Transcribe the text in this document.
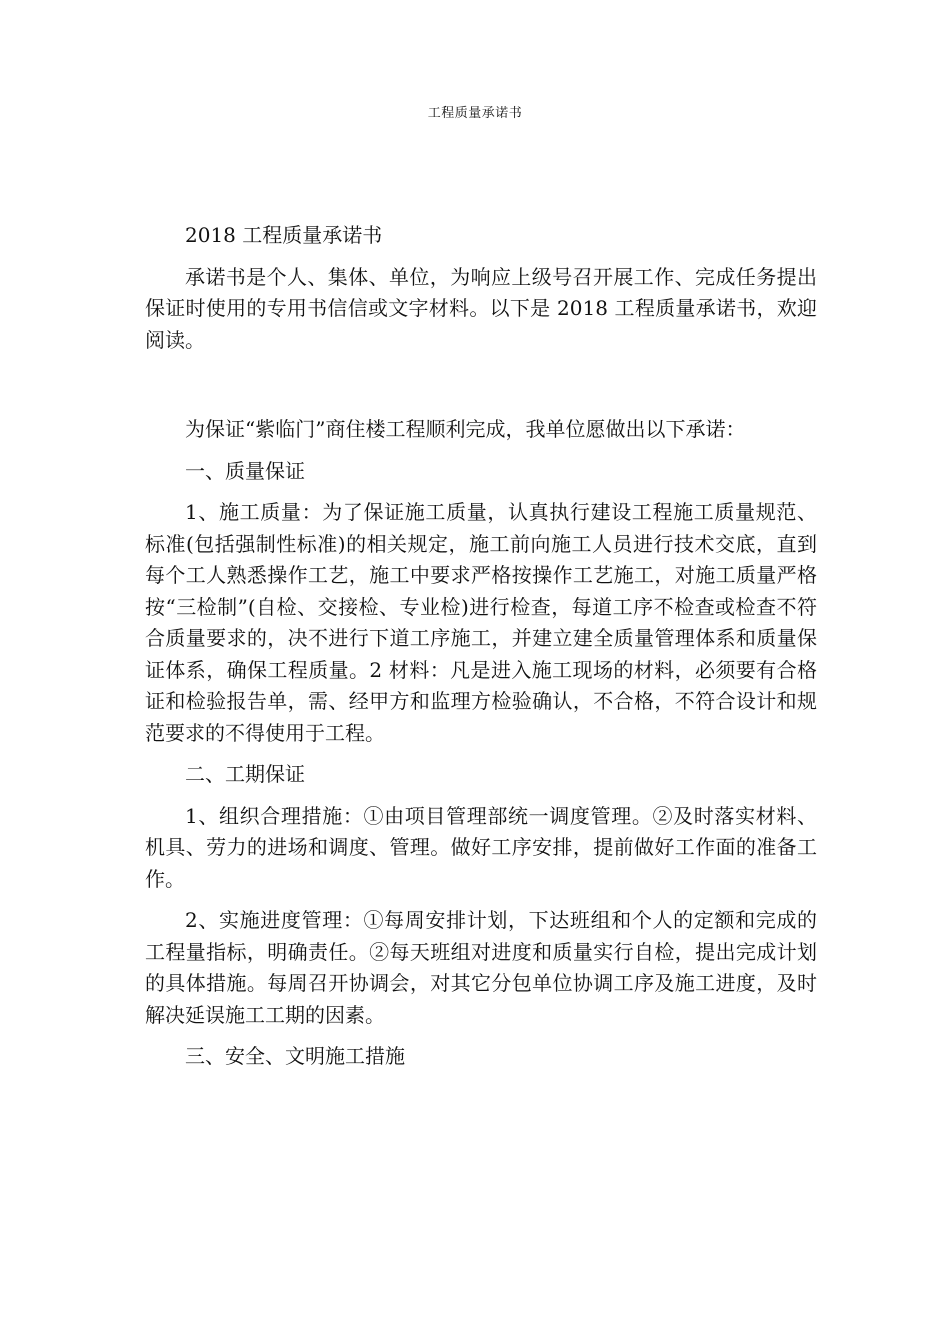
工程质量承诺书

2018 工程质量承诺书

承诺书是个人、集体、单位，为响应上级号召开展工作、完成任务提出保证时使用的专用书信信或文字材料。以下是 2018 工程质量承诺书，欢迎阅读。

为保证“紫临门”商住楼工程顺利完成，我单位愿做出以下承诺：

一、质量保证

1、施工质量：为了保证施工质量，认真执行建设工程施工质量规范、标准(包括强制性标准)的相关规定，施工前向施工人员进行技术交底，直到每个工人熟悉操作工艺，施工中要求严格按操作工艺施工，对施工质量严格按“三检制”(自检、交接检、专业检)进行检查，每道工序不检查或检查不符合质量要求的，决不进行下道工序施工，并建立建全质量管理体系和质量保证体系，确保工程质量。2 材料：凡是进入施工现场的材料，必须要有合格证和检验报告单，需、经甲方和监理方检验确认，不合格，不符合设计和规范要求的不得使用于工程。

二、工期保证

1、组织合理措施：①由项目管理部统一调度管理。②及时落实材料、机具、劳力的进场和调度、管理。做好工序安排，提前做好工作面的准备工作。

2、实施进度管理：①每周安排计划，下达班组和个人的定额和完成的工程量指标，明确责任。②每天班组对进度和质量实行自检，提出完成计划的具体措施。每周召开协调会，对其它分包单位协调工序及施工进度，及时解决延误施工工期的因素。

三、安全、文明施工措施
